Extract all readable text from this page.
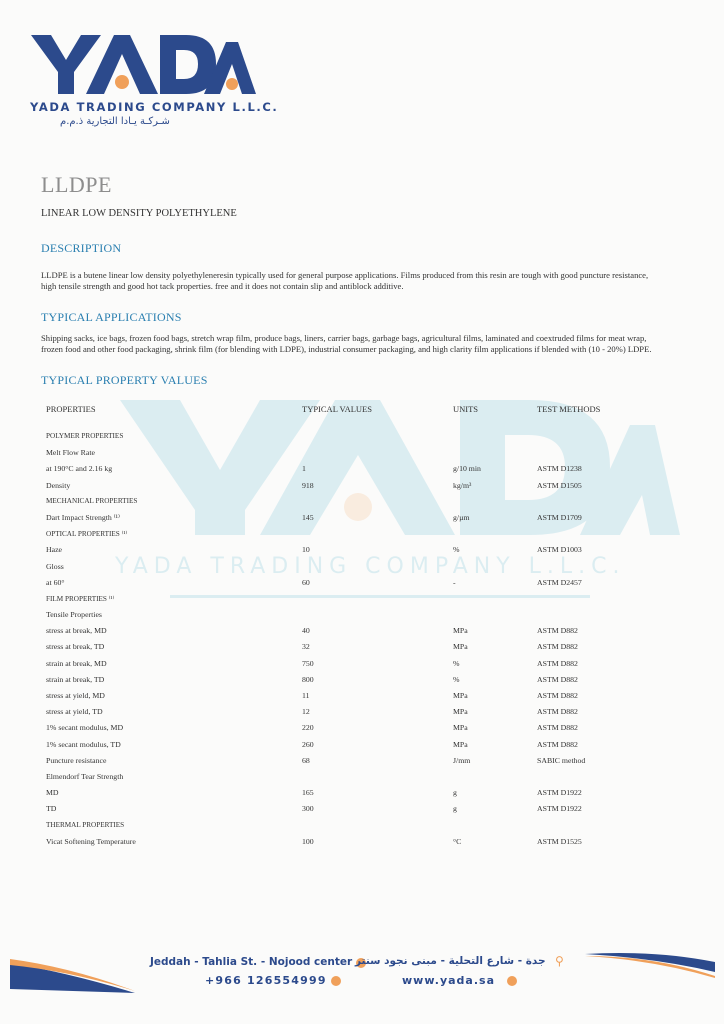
YADA TRADING COMPANY L.L.C.
شـركـة يـادا التجارية ذ.م.م
LLDPE
LINEAR LOW DENSITY POLYETHYLENE
DESCRIPTION
LLDPE is a butene linear low density polyethyleneresin typically used for general purpose applications. Films produced from this resin are tough with good puncture resistance, high tensile strength and good hot tack properties. free and it does not contain slip and antiblock additive.
TYPICAL APPLICATIONS
Shipping sacks, ice bags, frozen food bags, stretch wrap film, produce bags, liners, carrier bags, garbage bags, agricultural films, laminated and coextruded films for meat wrap, frozen food and other food packaging, shrink film (for blending with LDPE), industrial consumer packaging, and high clarity film applications if blended with (10 - 20%) LDPE.
TYPICAL PROPERTY VALUES
YADA TRADING COMPANY L.L.C.
PROPERTIES	TYPICAL VALUES	UNITS	TEST METHODS
POLYMER PROPERTIES
Melt Flow Rate
at 190°C and 2.16 kg	1	g/10 min	ASTM D1238
Density	918	kg/m³	ASTM D1505
MECHANICAL PROPERTIES
Dart Impact Strength ⁽¹⁾	145	g/µm	ASTM D1709
OPTICAL PROPERTIES ⁽¹⁾
Haze	10	%	ASTM D1003
Gloss
at 60°	60	-	ASTM D2457
FILM PROPERTIES ⁽¹⁾
Tensile Properties
stress at break, MD	40	MPa	ASTM D882
stress at break, TD	32	MPa	ASTM D882
strain at break, MD	750	%	ASTM D882
strain at break, TD	800	%	ASTM D882
stress at yield, MD	11	MPa	ASTM D882
stress at yield, TD	12	MPa	ASTM D882
1% secant modulus, MD	220	MPa	ASTM D882
1% secant modulus, TD	260	MPa	ASTM D882
Puncture resistance	68	J/mm	SABIC method
Elmendorf Tear Strength
MD	165	g	ASTM D1922
TD	300	g	ASTM D1922
THERMAL PROPERTIES
Vicat Softening Temperature	100	°C	ASTM D1525
Jeddah - Tahlia St. - Nojood center جدة - شارع التحلية - مبنى نجود سنتر ⚲
+966 126554999	www.yada.sa
